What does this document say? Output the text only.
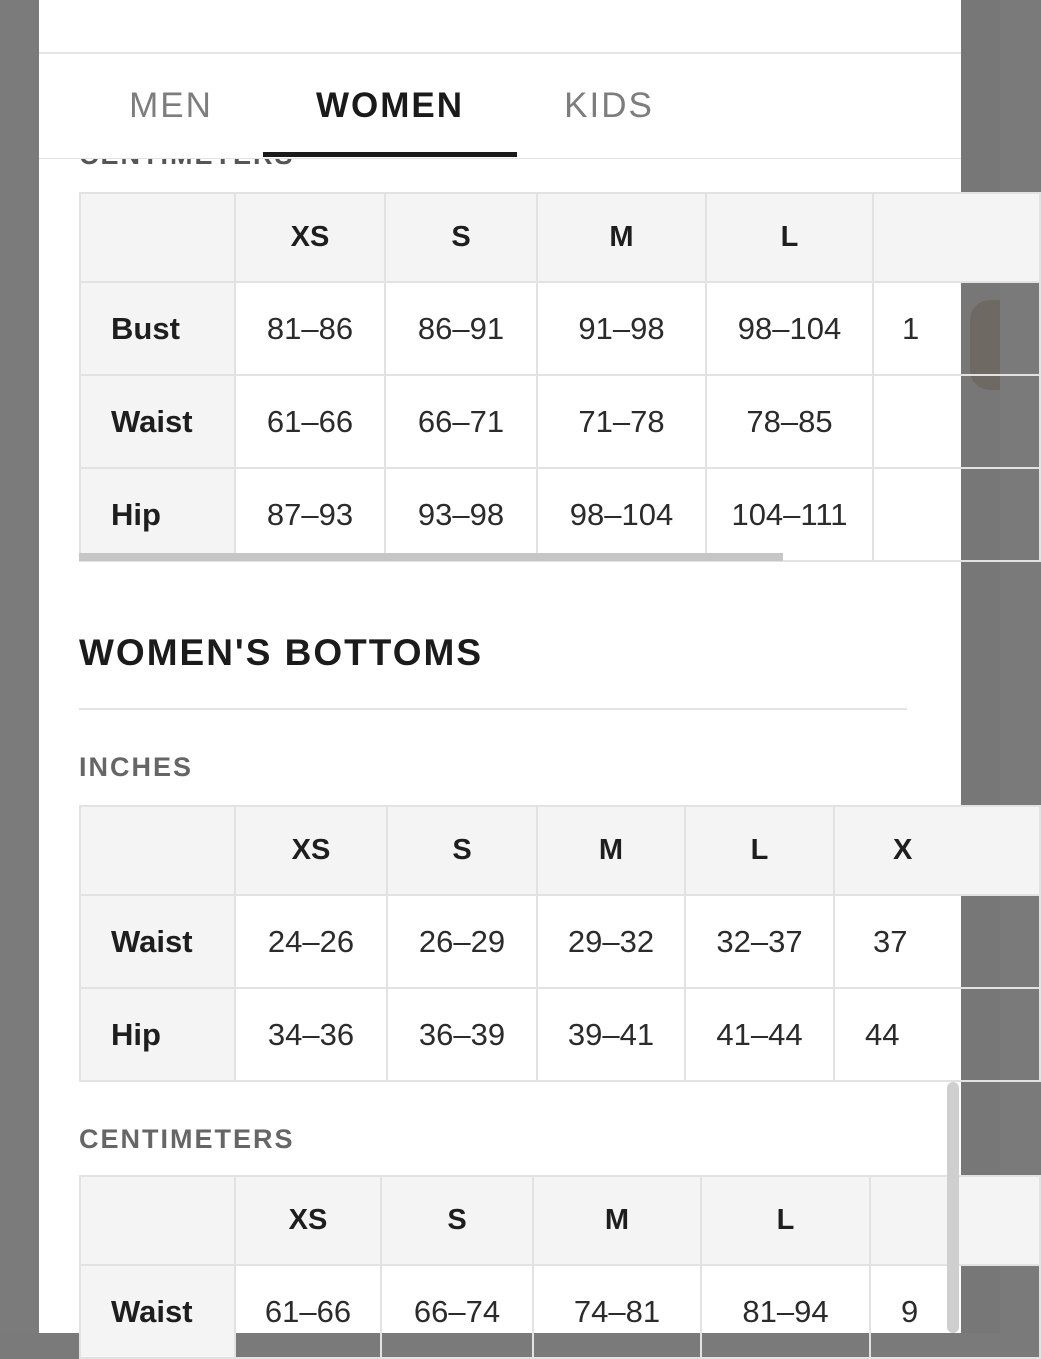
MEN	WOMEN	KIDS
	XS	S	M	L	
Bust	81–86	86–91	91–98	98–104	1
Waist	61–66	66–71	71–78	78–85	
Hip	87–93	93–98	98–104	104–111	
WOMEN'S BOTTOMS
INCHES
	XS	S	M	L	X
Waist	24–26	26–29	29–32	32–37	37
Hip	34–36	36–39	39–41	41–44	44
CENTIMETERS
	XS	S	M	L	
Waist	61–66	66–74	74–81	81–94	9
